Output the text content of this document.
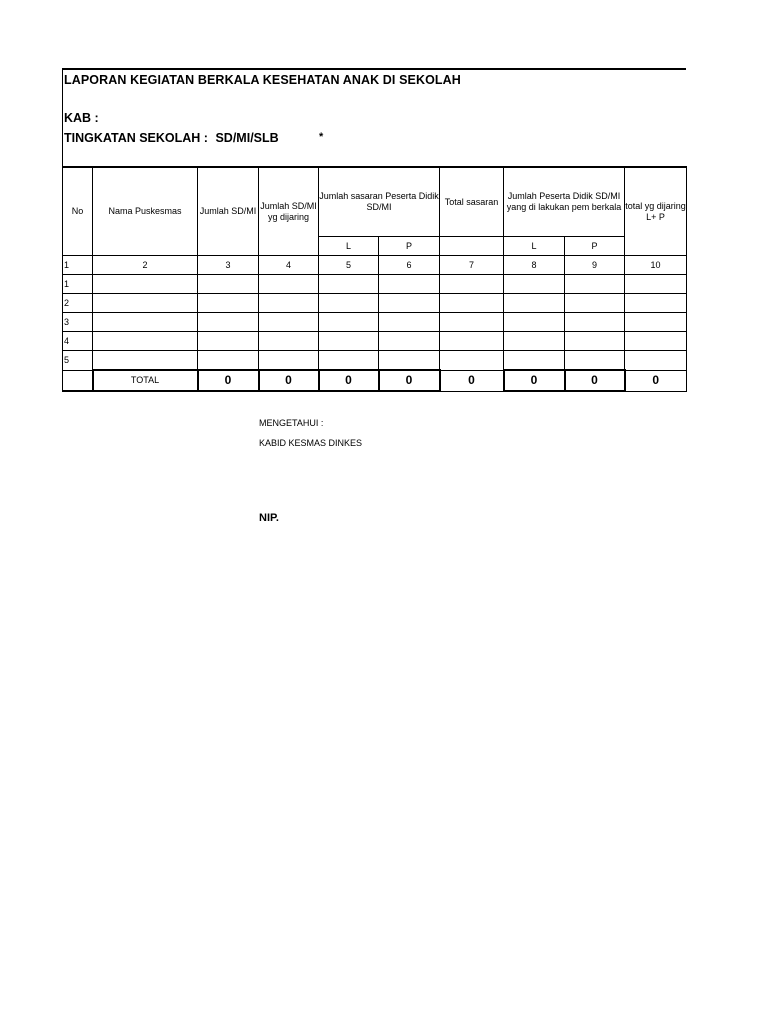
LAPORAN KEGIATAN BERKALA KESEHATAN ANAK DI SEKOLAH
KAB :
TINGKATAN SEKOLAH : SD/MI/SLB	*
No	Nama Puskesmas	Jumlah SD/MI	Jumlah SD/MI yg dijaring	Jumlah sasaran Peserta Didik SD/MI		Total sasaran	Jumlah Peserta Didik SD/MI yang di lakukan pem berkala		total yg dijaring L+ P
				L	P		L	P	
1	2	3	4	5	6	7	8	9	10
1									
2									
3									
4									
5									
	TOTAL	0	0	0	0	0	0	0	0
MENGETAHUI :
KABID KESMAS DINKES
NIP.
